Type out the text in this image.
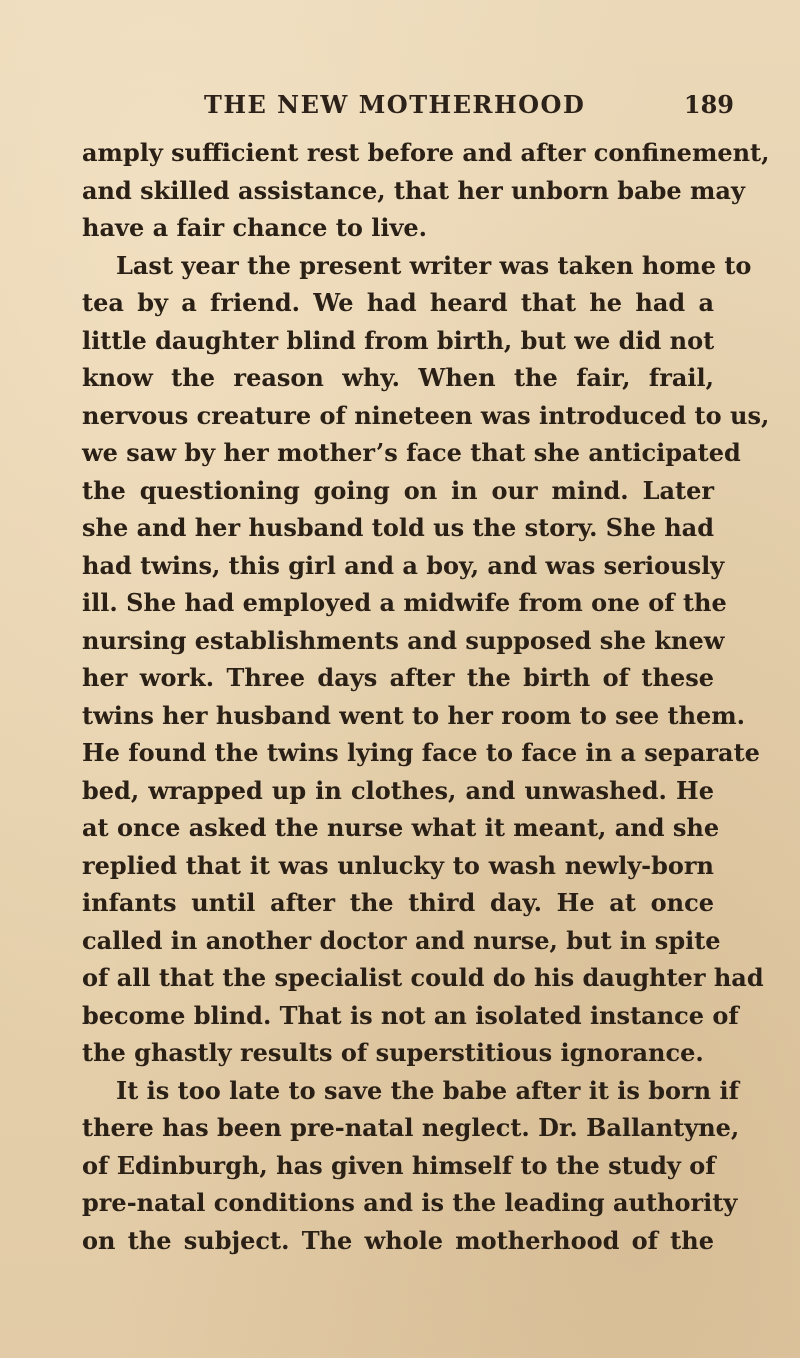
THE NEW MOTHERHOOD	189
amply sufficient rest before and after confinement,
and skilled assistance, that her unborn babe may
have a fair chance to live.
Last year the present writer was taken home to
tea by a friend. We had heard that he had a
little daughter blind from birth, but we did not
know the reason why. When the fair, frail,
nervous creature of nineteen was introduced to us,
we saw by her mother’s face that she anticipated
the questioning going on in our mind. Later
she and her husband told us the story. She had
had twins, this girl and a boy, and was seriously
ill. She had employed a midwife from one of the
nursing establishments and supposed she knew
her work. Three days after the birth of these
twins her husband went to her room to see them.
He found the twins lying face to face in a separate
bed, wrapped up in clothes, and unwashed. He
at once asked the nurse what it meant, and she
replied that it was unlucky to wash newly-born
infants until after the third day. He at once
called in another doctor and nurse, but in spite
of all that the specialist could do his daughter had
become blind. That is not an isolated instance of
the ghastly results of superstitious ignorance.
It is too late to save the babe after it is born if
there has been pre-natal neglect. Dr. Ballantyne,
of Edinburgh, has given himself to the study of
pre-natal conditions and is the leading authority
on the subject. The whole motherhood of the
